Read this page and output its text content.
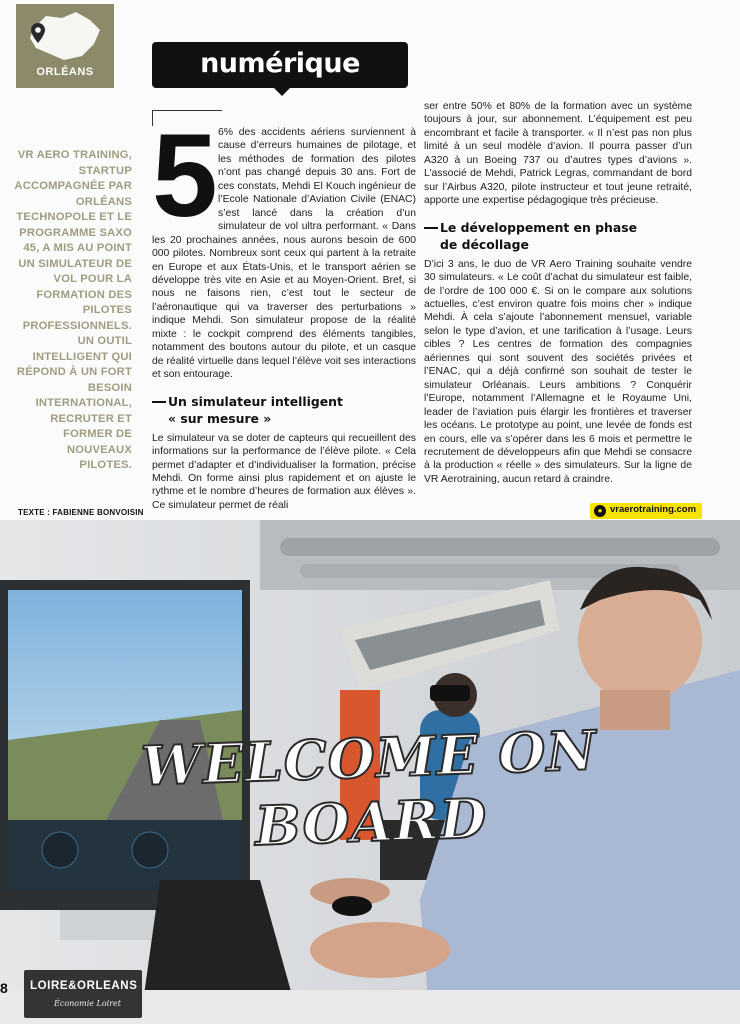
ORLÉANS	numérique
VR AERO TRAINING, STARTUP ACCOMPAGNÉE PAR ORLÉANS TECHNOPOLE ET LE PROGRAMME SAXO 45, A MIS AU POINT UN SIMULATEUR DE VOL POUR LA FORMATION DES PILOTES PROFESSIONNELS. UN OUTIL INTELLIGENT QUI RÉPOND À UN FORT BESOIN INTERNATIONAL, RECRUTER ET FORMER DE NOUVEAUX PILOTES.
5 6% des accidents aériens surviennent à cause d’erreurs humaines de pilotage, et les méthodes de formation des pilotes n’ont pas changé depuis 30 ans. Fort de ces constats, Mehdi El Kouch ingénieur de l’Ecole Nationale d’Aviation Civile (ENAC) s’est lancé dans la création d’un simulateur de vol ultra performant. « Dans les 20 prochaines années, nous aurons besoin de 600 000 pilotes. Nombreux sont ceux qui partent à la retraite en Europe et aux États-Unis, et le transport aérien se développe très vite en Asie et au Moyen-Orient. Bref, si nous ne faisons rien, c’est tout le secteur de l’aéronautique qui va traverser des perturbations » indique Mehdi. Son simulateur propose de la réalité mixte : le cockpit comprend des éléments tangibles, notamment des boutons autour du pilote, et un casque de réalité virtuelle dans lequel l’élève voit ses interactions et son entourage.

Un simulateur intelligent
« sur mesure »

Le simulateur va se doter de capteurs qui recueillent des informations sur la performance de l’élève pilote. « Cela permet d’adapter et d’individualiser la formation, précise Mehdi. On forme ainsi plus rapidement et on ajuste le rythme et le nombre d’heures de formation aux élèves ». Ce simulateur permet de réali

ser entre 50% et 80% de la formation avec un système toujours à jour, sur abonnement. L’équipement est peu encombrant et facile à transporter. « Il n’est pas non plus limité à un seul modèle d’avion. Il pourra passer d’un A320 à un Boeing 737 ou d’autres types d’avions ». L’associé de Mehdi, Patrick Legras, commandant de bord sur l’Airbus A320, pilote instructeur et tout jeune retraité, apporte une expertise pédagogique très précieuse.

Le développement en phase
de décollage

D’ici 3 ans, le duo de VR Aero Training souhaite vendre 30 simulateurs. « Le coût d’achat du simulateur est faible, de l’ordre de 100 000 €. Si on le compare aux solutions actuelles, c’est environ quatre fois moins cher » indique Mehdi. À cela s’ajoute l’abonnement mensuel, variable selon le type d’avion, et une tarification à l’usage. Leurs cibles ? Les centres de formation des compagnies aériennes qui sont souvent des sociétés privées et l’ENAC, qui a déjà confirmé son souhait de tester le simulateur Orléanais. Leurs ambitions ? Conquérir l’Europe, notamment l’Allemagne et le Royaume Uni, leader de l’aviation puis élargir les frontières et traverser les océans. Le prototype au point, une levée de fonds est en cours, elle va s’opérer dans les 6 mois et permettre le recrutement de développeurs afin que Mehdi se consacre à la production « réelle » des simulateurs. Sur la ligne de VR Aerotraining, aucun retard à craindre.

TEXTE : FABIENNE BONVOISIN	● vraerotraining.com
WELCOME ON BOARD
LOIRE&ORLEANS
Économie Loiret
8
